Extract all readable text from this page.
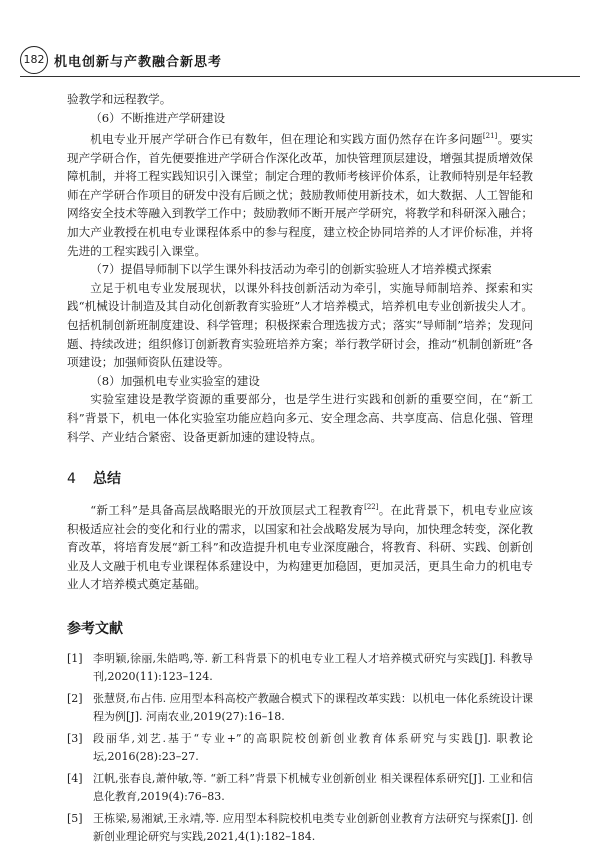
182 机电创新与产教融合新思考

验教学和远程教学。

（6）不断推进产学研建设

机电专业开展产学研合作已有数年，但在理论和实践方面仍然存在许多问题[21]。要实现产学研合作，首先便要推进产学研合作深化改革，加快管理顶层建设，增强其提质增效保障机制，并将工程实践知识引入课堂；制定合理的教师考核评价体系，让教师特别是年轻教师在产学研合作项目的研发中没有后顾之忧；鼓励教师使用新技术，如大数据、人工智能和网络安全技术等融入到教学工作中；鼓励教师不断开展产学研究，将教学和科研深入融合；加大产业教授在机电专业课程体系中的参与程度，建立校企协同培养的人才评价标准，并将先进的工程实践引入课堂。

（7）提倡导师制下以学生课外科技活动为牵引的创新实验班人才培养模式探索

立足于机电专业发展现状，以课外科技创新活动为牵引，实施导师制培养、探索和实践“机械设计制造及其自动化创新教育实验班”人才培养模式，培养机电专业创新拔尖人才。包括机制创新班制度建设、科学管理；积极探索合理选拔方式；落实“导师制”培养；发现问题、持续改进；组织修订创新教育实验班培养方案；举行教学研讨会，推动“机制创新班”各项建设；加强师资队伍建设等。

（8）加强机电专业实验室的建设

实验室建设是教学资源的重要部分，也是学生进行实践和创新的重要空间，在“新工科”背景下，机电一体化实验室功能应趋向多元、安全理念高、共享度高、信息化强、管理科学、产业结合紧密、设备更新加速的建设特点。

4 总结

“新工科”是具备高层战略眼光的开放顶层式工程教育[22]。在此背景下，机电专业应该积极适应社会的变化和行业的需求，以国家和社会战略发展为导向，加快理念转变，深化教育改革，将培育发展“新工科”和改造提升机电专业深度融合，将教育、科研、实践、创新创业及人文融于机电专业课程体系建设中，为构建更加稳固，更加灵活，更具生命力的机电专业人才培养模式奠定基础。

参考文献
[1] 李明颖,徐丽,朱皓鸣,等. 新工科背景下的机电专业工程人才培养模式研究与实践[J]. 科教导刊,2020(11):123–124.
[2] 张慧贤,布占伟. 应用型本科高校产教融合模式下的课程改革实践：以机电一体化系统设计课程为例[J]. 河南农业,2019(27):16–18.
[3] 段丽华,刘艺.基于“专业+”的高职院校创新创业教育体系研究与实践[J]. 职教论坛,2016(28):23–27.
[4] 江帆,张春良,萧仲敏,等. “新工科”背景下机械专业创新创业 相关课程体系研究[J]. 工业和信息化教育,2019(4):76–83.
[5] 王栋梁,易湘斌,王永靖,等. 应用型本科院校机电类专业创新创业教育方法研究与探索[J]. 创新创业理论研究与实践,2021,4(1):182–184.
